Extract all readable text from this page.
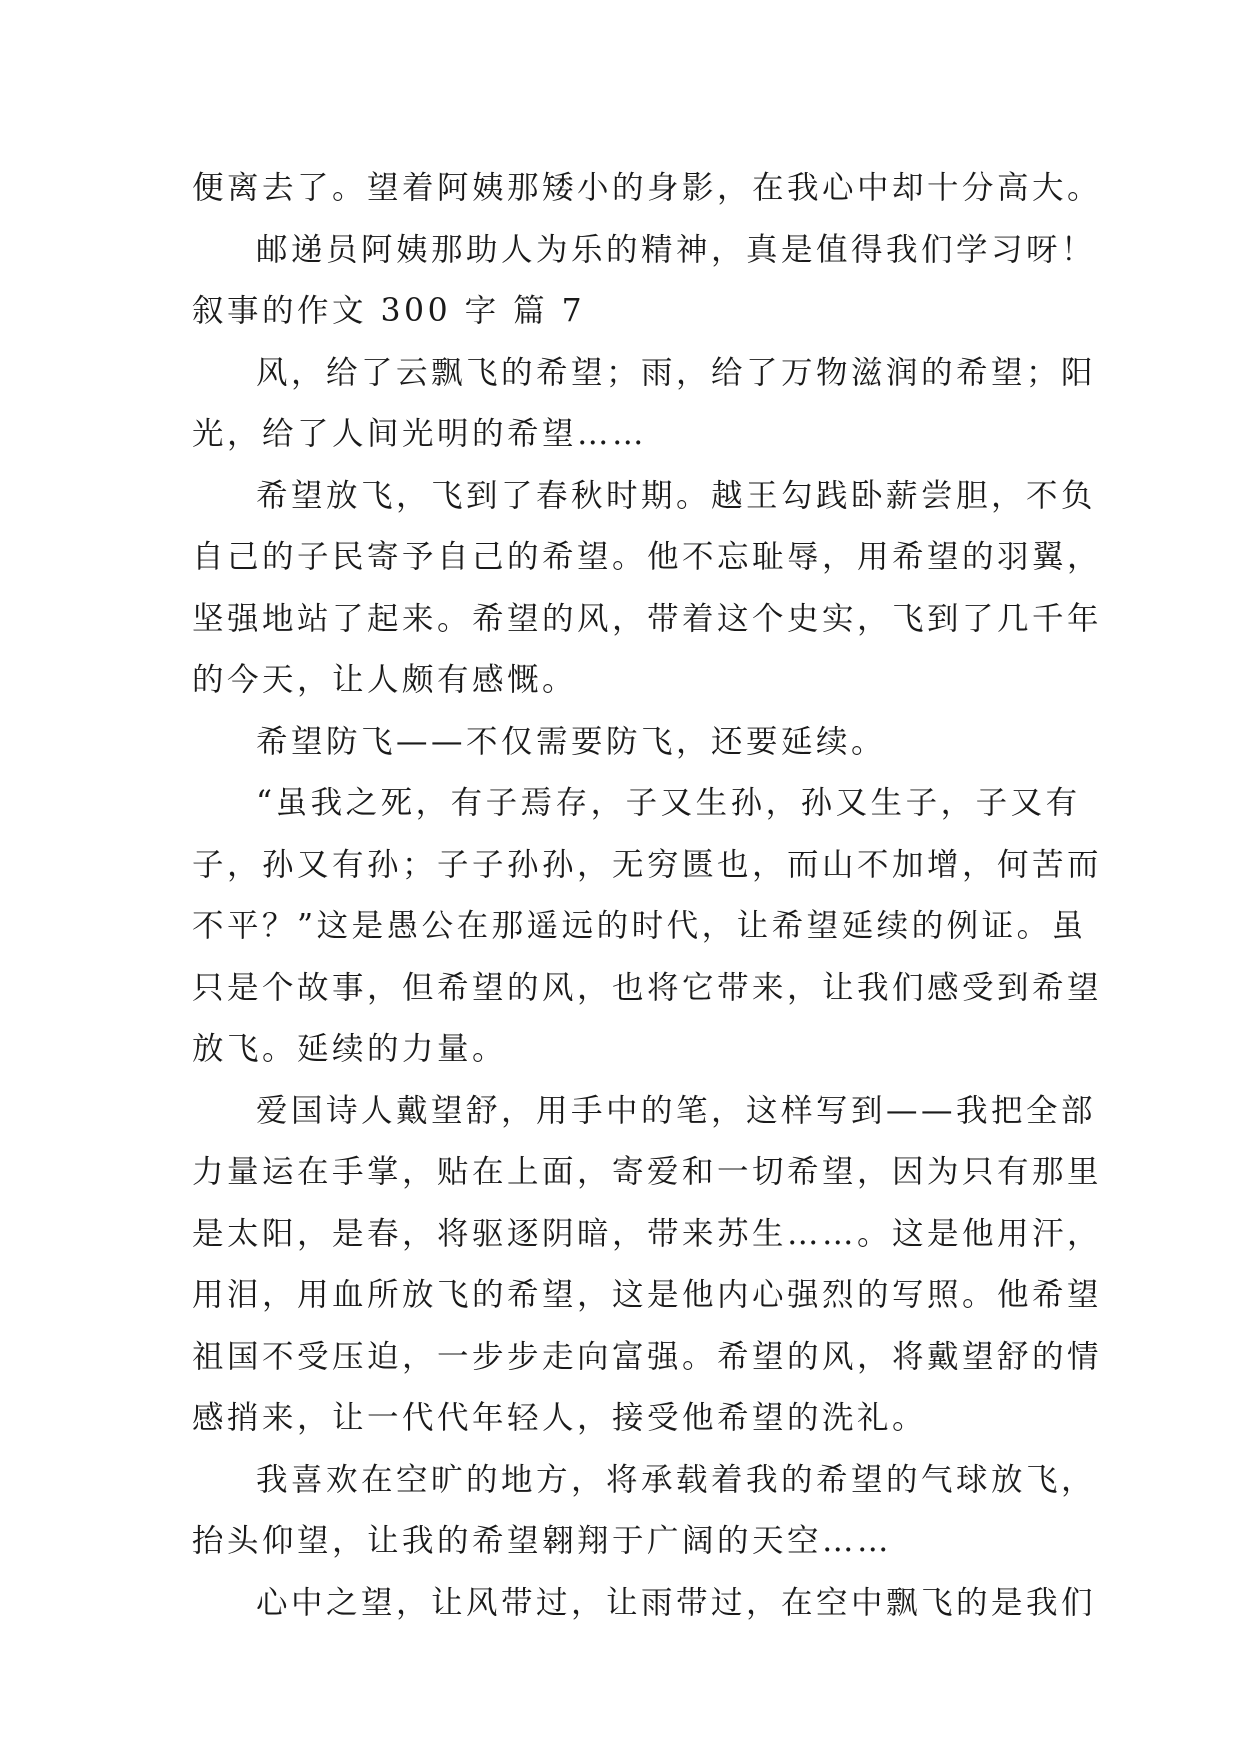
便离去了。望着阿姨那矮小的身影，在我心中却十分高大。
邮递员阿姨那助人为乐的精神，真是值得我们学习呀！
叙事的作文 300 字 篇 7
风，给了云飘飞的希望；雨，给了万物滋润的希望；阳
光，给了人间光明的希望……
希望放飞，飞到了春秋时期。越王勾践卧薪尝胆，不负
自己的子民寄予自己的希望。他不忘耻辱，用希望的羽翼，
坚强地站了起来。希望的风，带着这个史实，飞到了几千年
的今天，让人颇有感慨。
希望防飞——不仅需要防飞，还要延续。
“虽我之死，有子焉存，子又生孙，孙又生子，子又有
子，孙又有孙；子子孙孙，无穷匮也，而山不加增，何苦而
不平？”这是愚公在那遥远的时代，让希望延续的例证。虽
只是个故事，但希望的风，也将它带来，让我们感受到希望
放飞。延续的力量。
爱国诗人戴望舒，用手中的笔，这样写到——我把全部
力量运在手掌，贴在上面，寄爱和一切希望，因为只有那里
是太阳，是春，将驱逐阴暗，带来苏生……。这是他用汗，
用泪，用血所放飞的希望，这是他内心强烈的写照。他希望
祖国不受压迫，一步步走向富强。希望的风，将戴望舒的情
感捎来，让一代代年轻人，接受他希望的洗礼。
我喜欢在空旷的地方，将承载着我的希望的气球放飞，
抬头仰望，让我的希望翱翔于广阔的天空……
心中之望，让风带过，让雨带过，在空中飘飞的是我们
